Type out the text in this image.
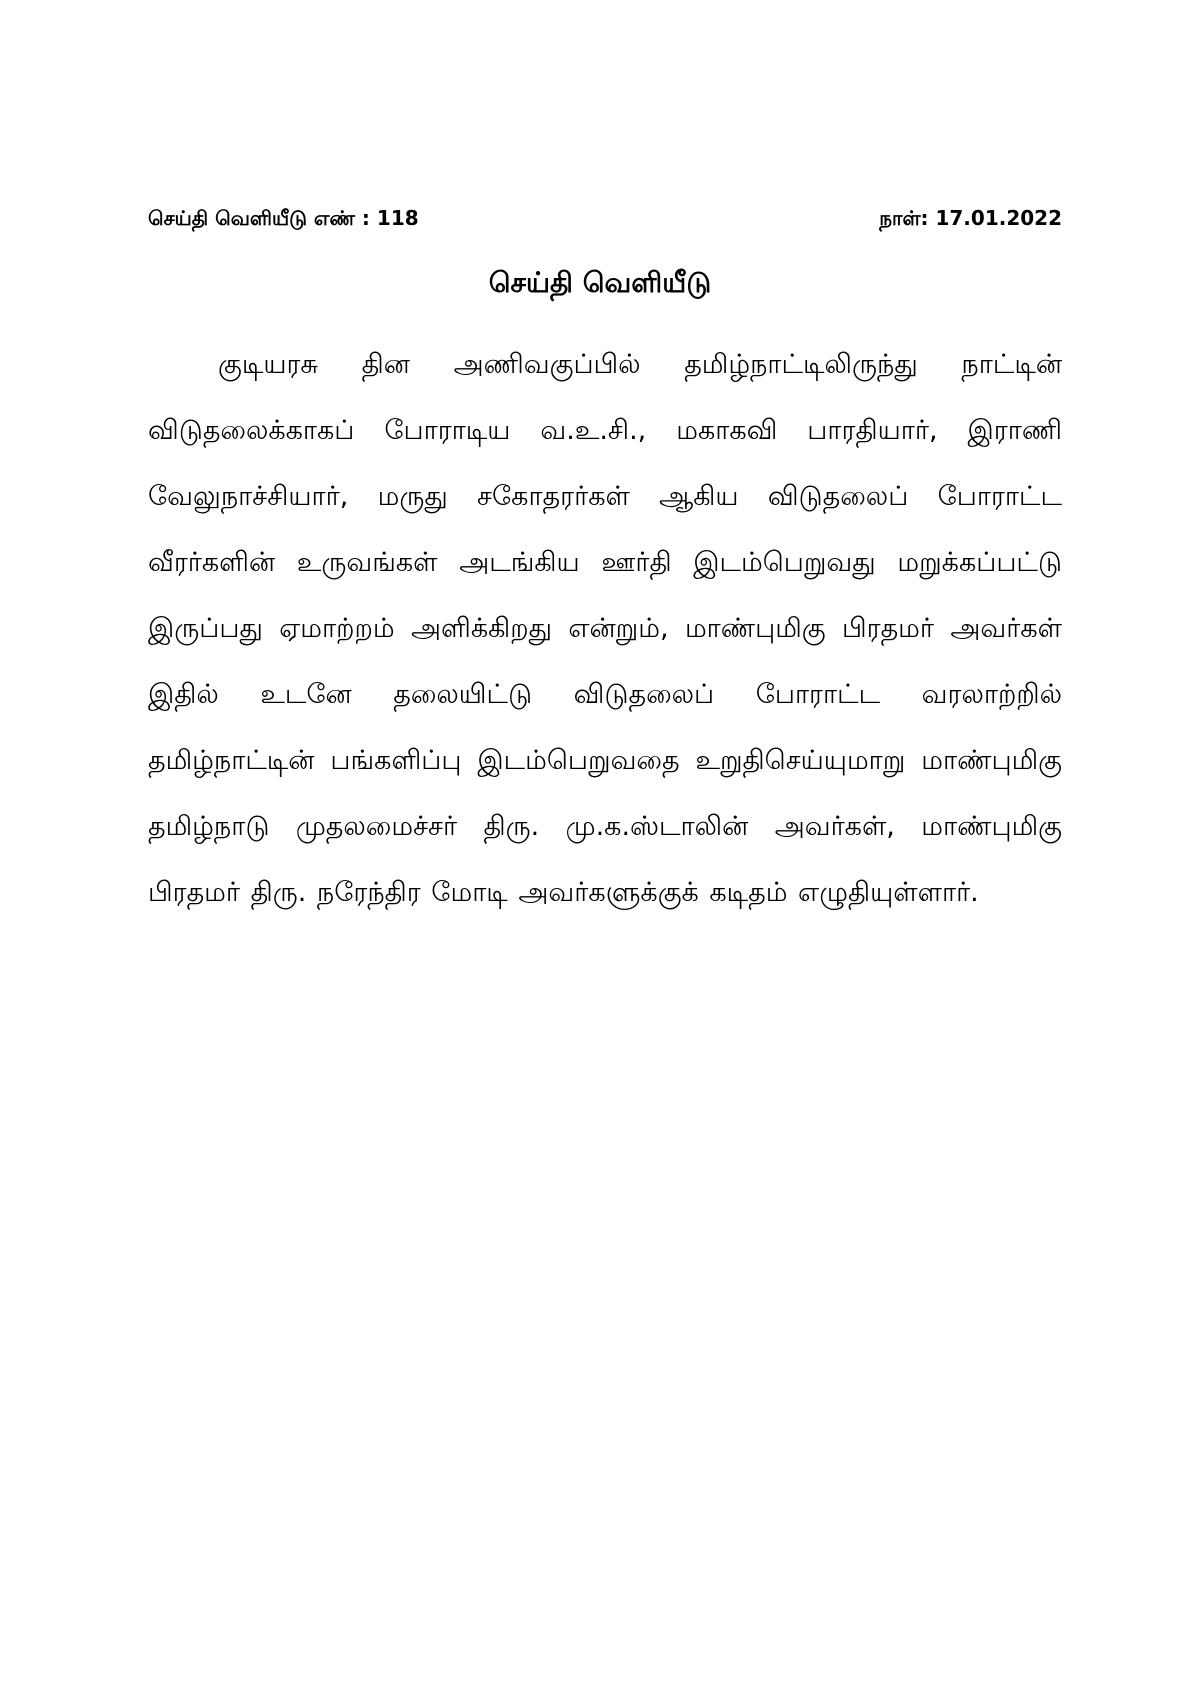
செய்தி வெளியீடு எண் : 118	நாள்: 17.01.2022
செய்தி வெளியீடு

குடியரசு தின அணிவகுப்பில் தமிழ்நாட்டிலிருந்து நாட்டின் விடுதலைக்காகப் போராடிய வ.உ.சி., மகாகவி பாரதியார், இராணி வேலுநாச்சியார், மருது சகோதரர்கள் ஆகிய விடுதலைப் போராட்ட வீரர்களின் உருவங்கள் அடங்கிய ஊர்தி இடம்பெறுவது மறுக்கப்பட்டு இருப்பது ஏமாற்றம் அளிக்கிறது என்றும், மாண்புமிகு பிரதமர் அவர்கள் இதில் உடனே தலையிட்டு விடுதலைப் போராட்ட வரலாற்றில் தமிழ்நாட்டின் பங்களிப்பு இடம்பெறுவதை உறுதிசெய்யுமாறு மாண்புமிகு தமிழ்நாடு முதலமைச்சர் திரு. மு.க.ஸ்டாலின் அவர்கள், மாண்புமிகு பிரதமர் திரு. நரேந்திர மோடி அவர்களுக்குக் கடிதம் எழுதியுள்ளார்.
